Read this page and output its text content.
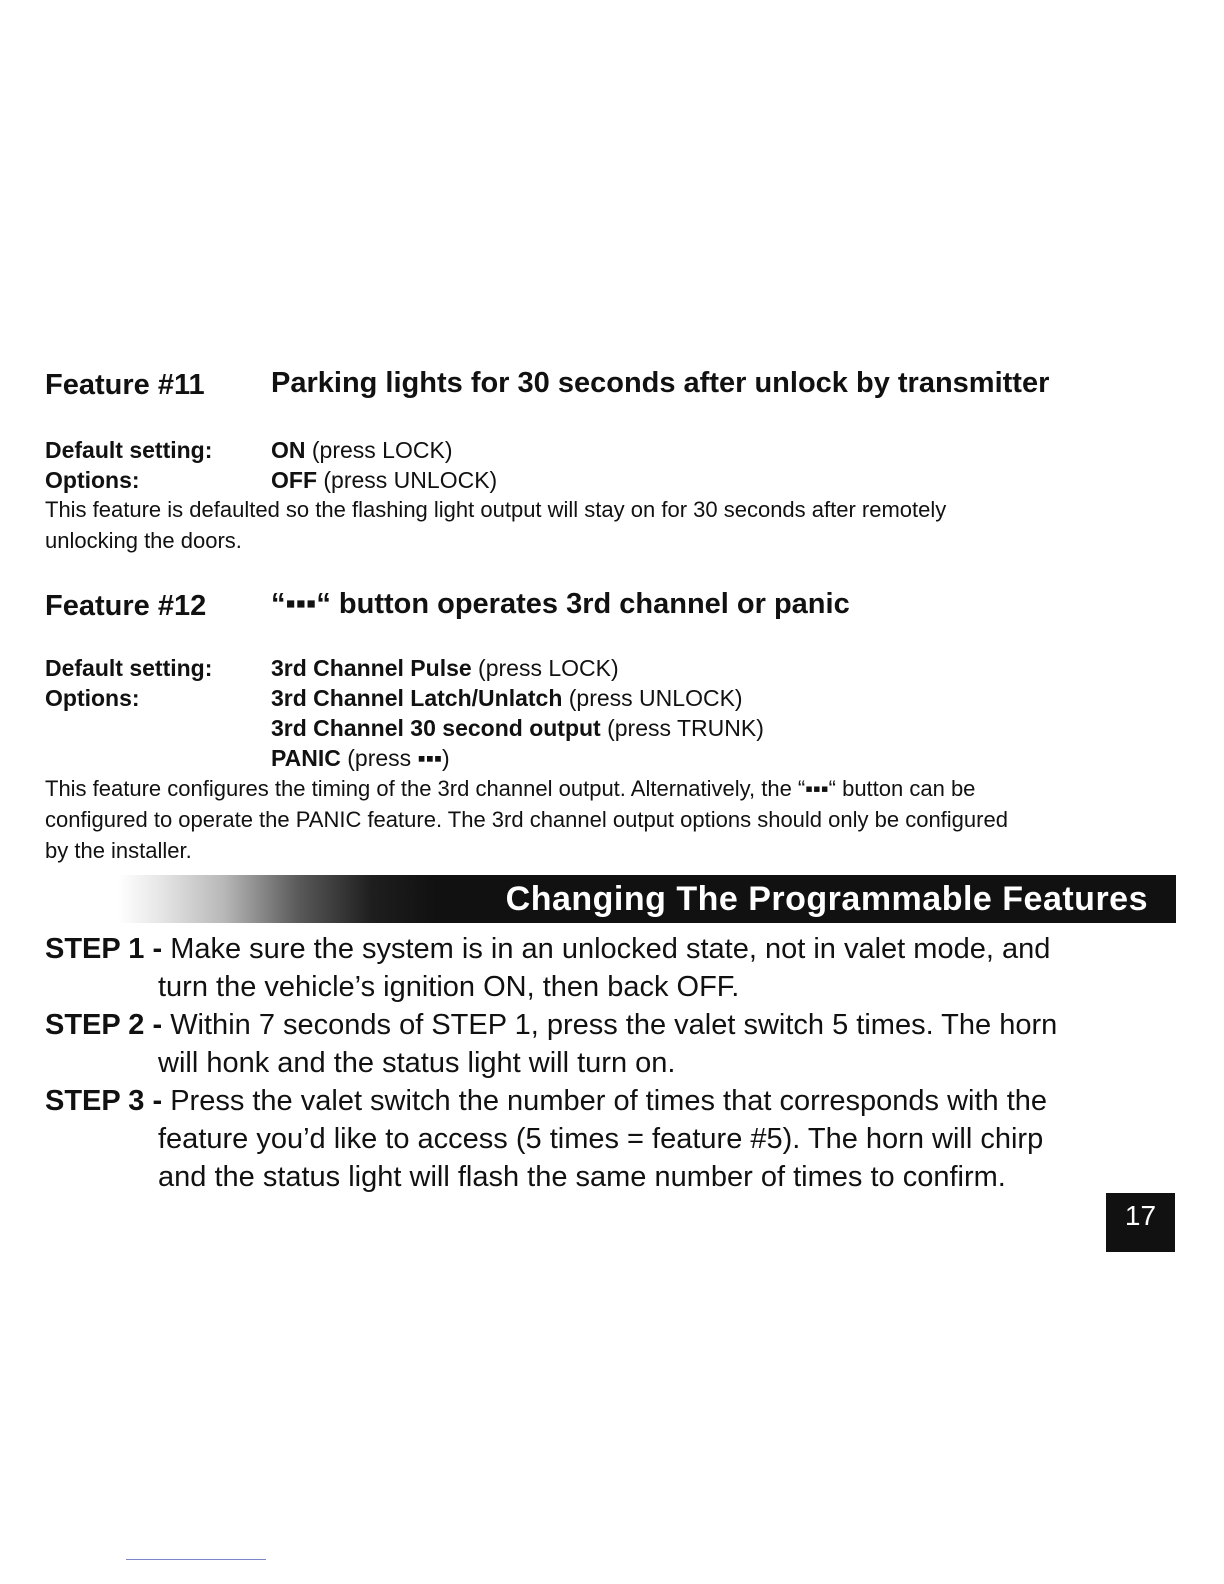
Feature #11 Parking lights for 30 seconds after unlock by transmitter
Default setting:	ON (press LOCK)
Options:	OFF (press UNLOCK)
This feature is defaulted so the flashing light output will stay on for 30 seconds after remotely
unlocking the doors.
Feature #12 “▪▪▪“ button operates 3rd channel or panic
Default setting:	3rd Channel Pulse (press LOCK)
Options:	3rd Channel Latch/Unlatch (press UNLOCK)
3rd Channel 30 second output (press TRUNK)
PANIC (press ▪▪▪)
This feature configures the timing of the 3rd channel output. Alternatively, the “▪▪▪“ button can be
configured to operate the PANIC feature. The 3rd channel output options should only be configured
by the installer.
Changing The Programmable Features
STEP 1 - Make sure the system is in an unlocked state, not in valet mode, and
turn the vehicle’s ignition ON, then back OFF.
STEP 2 - Within 7 seconds of STEP 1, press the valet switch 5 times. The horn
will honk and the status light will turn on.
STEP 3 - Press the valet switch the number of times that corresponds with the
feature you’d like to access (5 times = feature #5). The horn will chirp
and the status light will flash the same number of times to confirm.
17
